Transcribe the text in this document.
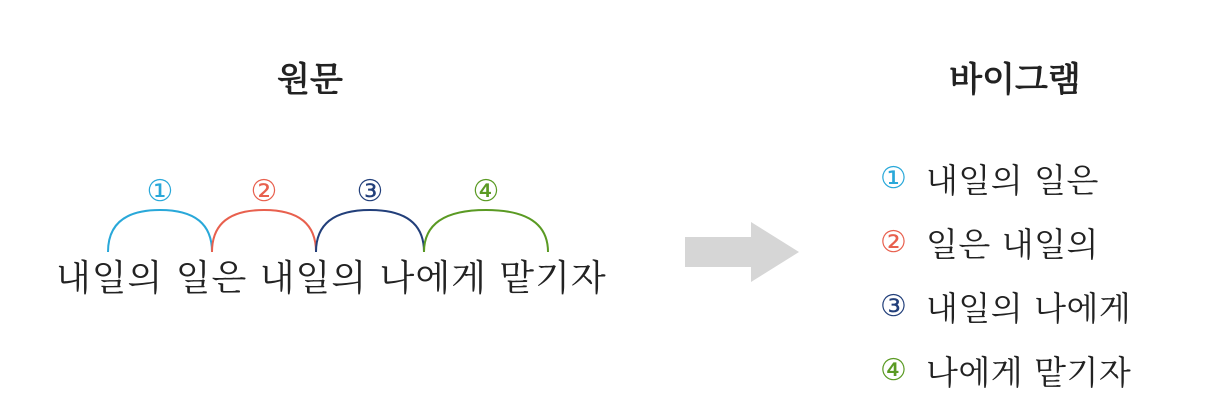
원문	바이그램
①	②	③	④
내일의 일은 내일의 나에게 맡기자
① 내일의 일은
② 일은 내일의
③ 내일의 나에게
④ 나에게 맡기자
